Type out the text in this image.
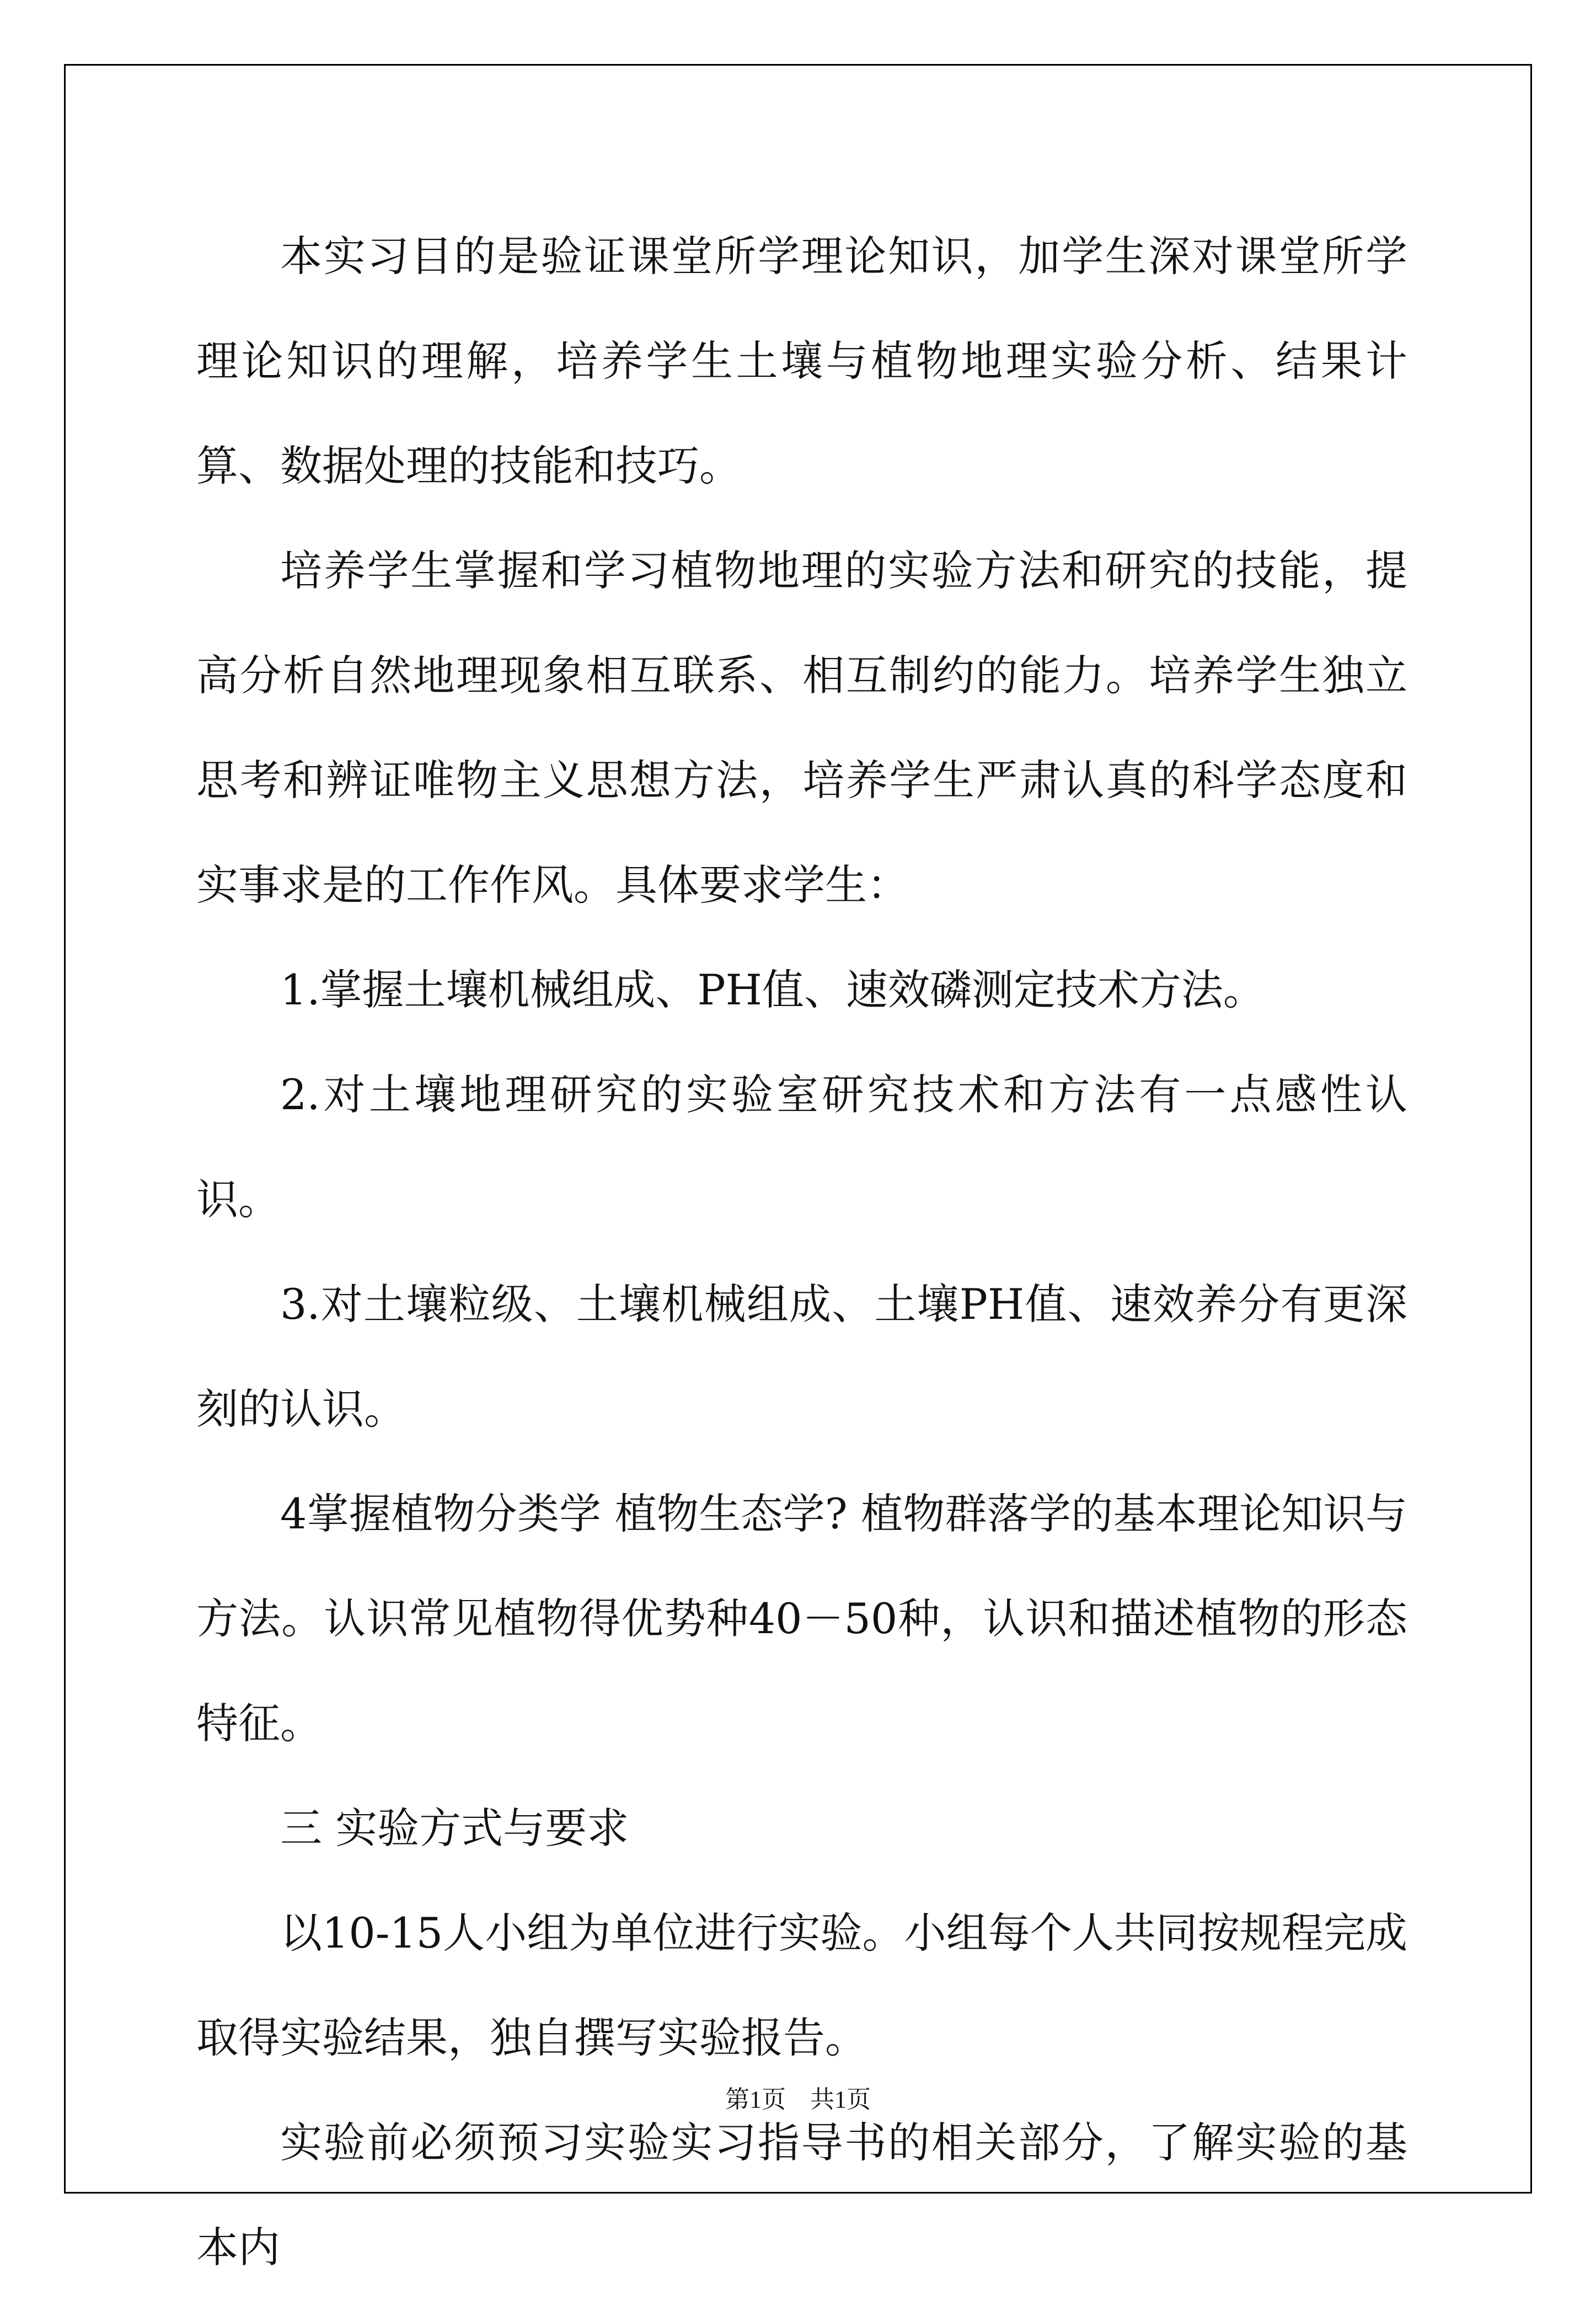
本实习目的是验证课堂所学理论知识，加学生深对课堂所学理论知识的理解，培养学生土壤与植物地理实验分析、结果计算、数据处理的技能和技巧。

培养学生掌握和学习植物地理的实验方法和研究的技能，提高分析自然地理现象相互联系、相互制约的能力。培养学生独立思考和辨证唯物主义思想方法，培养学生严肃认真的科学态度和实事求是的工作作风。具体要求学生：

1.掌握土壤机械组成、PH值、速效磷测定技术方法。

2.对土壤地理研究的实验室研究技术和方法有一点感性认识。

3.对土壤粒级、土壤机械组成、土壤PH值、速效养分有更深刻的认识。

4掌握植物分类学 植物生态学? 植物群落学的基本理论知识与方法。认识常见植物得优势种40－50种，认识和描述植物的形态特征。

三 实验方式与要求

以10-15人小组为单位进行实验。小组每个人共同按规程完成取得实验结果，独自撰写实验报告。

实验前必须预习实验实习指导书的相关部分，了解实验的基本内

第1页　共1页
